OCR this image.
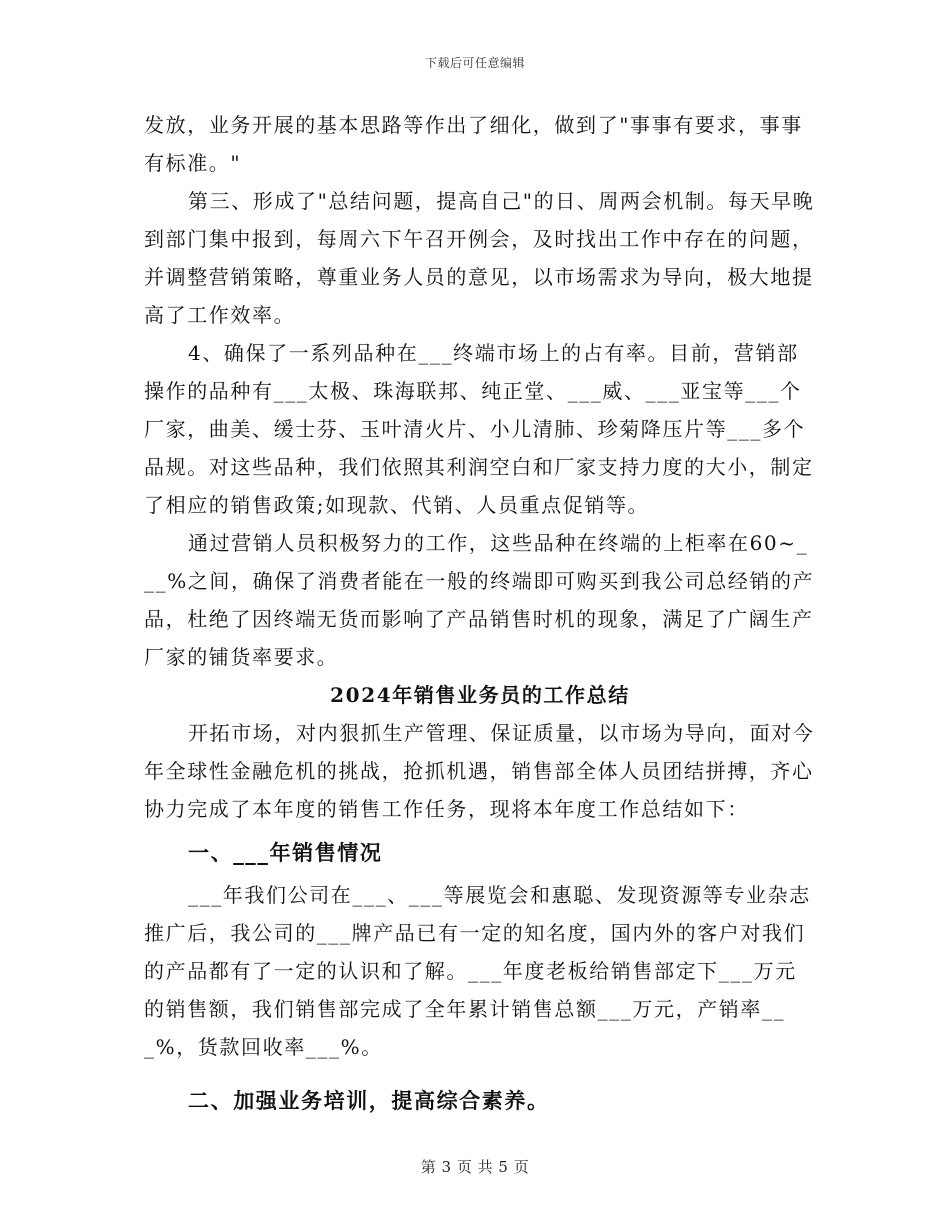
下载后可任意编辑

发放，业务开展的基本思路等作出了细化，做到了"事事有要求，事事有标准。"

第三、形成了"总结问题，提高自己"的日、周两会机制。每天早晚到部门集中报到，每周六下午召开例会，及时找出工作中存在的问题，并调整营销策略，尊重业务人员的意见，以市场需求为导向，极大地提高了工作效率。

4、确保了一系列品种在___终端市场上的占有率。目前，营销部操作的品种有___太极、珠海联邦、纯正堂、___威、___亚宝等___个厂家，曲美、缓士芬、玉叶清火片、小儿清肺、珍菊降压片等___多个品规。对这些品种，我们依照其利润空白和厂家支持力度的大小，制定了相应的销售政策;如现款、代销、人员重点促销等。

通过营销人员积极努力的工作，这些品种在终端的上柜率在60~___%之间，确保了消费者能在一般的终端即可购买到我公司总经销的产品，杜绝了因终端无货而影响了产品销售时机的现象，满足了广阔生产厂家的铺货率要求。

2024年销售业务员的工作总结

开拓市场，对内狠抓生产管理、保证质量，以市场为导向，面对今年全球性金融危机的挑战，抢抓机遇，销售部全体人员团结拼搏，齐心协力完成了本年度的销售工作任务，现将本年度工作总结如下：

一、___年销售情况

___年我们公司在___、___等展览会和惠聪、发现资源等专业杂志推广后，我公司的___牌产品已有一定的知名度，国内外的客户对我们的产品都有了一定的认识和了解。___年度老板给销售部定下___万元的销售额，我们销售部完成了全年累计销售总额___万元，产销率___%，货款回收率___%。

二、加强业务培训，提高综合素养。

第 3 页 共 5 页
